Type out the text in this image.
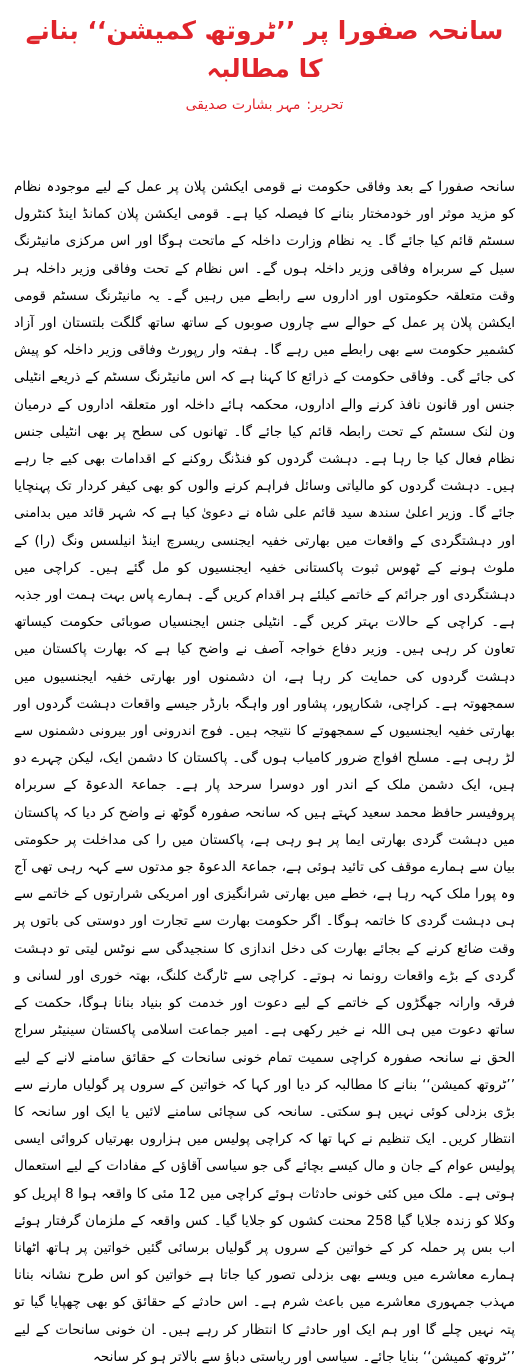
سانحہ صفورا پر ’’ٹروتھ کمیشن‘‘ بنانے کا مطالبہ
تحریر:مہر بشارت صدیقی

سانحہ صفورا کے بعد وفاقی حکومت نے قومی ایکشن پلان پر عمل کے لیے موجودہ نظام کو مزید موثر اور خودمختار بنانے کا فیصلہ کیا ہے۔ قومی ایکشن پلان کمانڈ اینڈ کنٹرول سسٹم قائم کیا جائے گا۔ یہ نظام وزارت داخلہ کے ماتحت ہوگا اور اس مرکزی مانیٹرنگ سیل کے سربراہ وفاقی وزیر داخلہ ہوں گے۔ اس نظام کے تحت وفاقی وزیر داخلہ ہر وقت متعلقہ حکومتوں اور اداروں سے رابطے میں رہیں گے۔ یہ مانیٹرنگ سسٹم قومی ایکشن پلان پر عمل کے حوالے سے چاروں صوبوں کے ساتھ ساتھ گلگت بلتستان اور آزاد کشمیر حکومت سے بھی رابطے میں رہے گا۔ ہفتہ وار رپورٹ وفاقی وزیر داخلہ کو پیش کی جائے گی۔ وفاقی حکومت کے ذرائع کا کہنا ہے کہ اس مانیٹرنگ سسٹم کے ذریعے انٹیلی جنس اور قانون نافذ کرنے والے اداروں، محکمہ ہائے داخلہ اور متعلقہ اداروں کے درمیان ون لنک سسٹم کے تحت رابطہ قائم کیا جائے گا۔ تھانوں کی سطح پر بھی انٹیلی جنس نظام فعال کیا جا رہا ہے۔ دہشت گردوں کو فنڈنگ روکنے کے اقدامات بھی کیے جا رہے ہیں۔ دہشت گردوں کو مالیاتی وسائل فراہم کرنے والوں کو بھی کیفر کردار تک پہنچایا جائے گا۔ وزیر اعلیٰ سندھ سید قائم علی شاہ نے دعویٰ کیا ہے کہ شہر قائد میں بدامنی اور دہشتگردی کے واقعات میں بھارتی خفیہ ایجنسی ریسرچ اینڈ انیلسس ونگ (را) کے ملوث ہونے کے ٹھوس ثبوت پاکستانی خفیہ ایجنسیوں کو مل گئے ہیں۔ کراچی میں دہشتگردی اور جرائم کے خاتمے کیلئے ہر اقدام کریں گے۔ ہمارے پاس بہت ہمت اور جذبہ ہے۔ کراچی کے حالات بہتر کریں گے۔ انٹیلی جنس ایجنسیاں صوبائی حکومت کیساتھ تعاون کر رہی ہیں۔ وزیر دفاع خواجہ آصف نے واضح کیا ہے کہ بھارت پاکستان میں دہشت گردوں کی حمایت کر رہا ہے، ان دشمنوں اور بھارتی خفیہ ایجنسیوں میں سمجھوتہ ہے۔ کراچی، شکارپور، پشاور اور واہگہ بارڈر جیسے واقعات دہشت گردوں اور بھارتی خفیہ ایجنسیوں کے سمجھوتے کا نتیجہ ہیں۔ فوج اندرونی اور بیرونی دشمنوں سے لڑ رہی ہے۔ مسلح افواج ضرور کامیاب ہوں گی۔ پاکستان کا دشمن ایک، لیکن چہرے دو ہیں، ایک دشمن ملک کے اندر اور دوسرا سرحد پار ہے۔ جماعۃ الدعوۃ کے سربراہ پروفیسر حافظ محمد سعید کہتے ہیں کہ سانحہ صفورہ گوٹھ نے واضح کر دیا کہ پاکستان میں دہشت گردی بھارتی ایما پر ہو رہی ہے، پاکستان میں را کی مداخلت پر حکومتی بیان سے ہمارے موقف کی تائید ہوئی ہے، جماعۃ الدعوۃ جو مدتوں سے کہہ رہی تھی آج وہ پورا ملک کہہ رہا ہے، خطے میں بھارتی شرانگیزی اور امریکی شرارتوں کے خاتمے سے ہی دہشت گردی کا خاتمہ ہوگا۔ اگر حکومت بھارت سے تجارت اور دوستی کی باتوں پر وقت ضائع کرنے کے بجائے بھارت کی دخل اندازی کا سنجیدگی سے نوٹس لیتی تو دہشت گردی کے بڑے واقعات رونما نہ ہوتے۔ کراچی سے ٹارگٹ کلنگ، بھتہ خوری اور لسانی و فرقہ وارانہ جھگڑوں کے خاتمے کے لیے دعوت اور خدمت کو بنیاد بنانا ہوگا، حکمت کے ساتھ دعوت میں ہی اللہ نے خیر رکھی ہے۔ امیر جماعت اسلامی پاکستان سینیٹر سراج الحق نے سانحہ صفورہ کراچی سمیت تمام خونی سانحات کے حقائق سامنے لانے کے لیے ’’ٹروتھ کمیشن‘‘ بنانے کا مطالبہ کر دیا اور کہا کہ خواتین کے سروں پر گولیاں مارنے سے بڑی بزدلی کوئی نہیں ہو سکتی۔ سانحہ کی سچائی سامنے لائیں یا ایک اور سانحہ کا انتظار کریں۔ ایک تنظیم نے کہا تھا کہ کراچی پولیس میں ہزاروں بھرتیاں کروائی ایسی پولیس عوام کے جان و مال کیسے بچائے گی جو سیاسی آقاؤں کے مفادات کے لیے استعمال ہوتی ہے۔ ملک میں کئی خونی حادثات ہوئے کراچی میں 12 مئی کا واقعہ ہوا 8 اپریل کو وکلا کو زندہ جلایا گیا 258 محنت کشوں کو جلایا گیا۔ کس واقعہ کے ملزمان گرفتار ہوئے اب بس پر حملہ کر کے خواتین کے سروں پر گولیاں برسائی گئیں خواتین پر ہاتھ اٹھانا ہمارے معاشرے میں ویسے بھی بزدلی تصور کیا جاتا ہے خواتین کو اس طرح نشانہ بنانا مہذب جمہوری معاشرے میں باعث شرم ہے۔ اس حادثے کے حقائق کو بھی چھپایا گیا تو پتہ نہیں چلے گا اور ہم ایک اور حادثے کا انتظار کر رہے ہیں۔ ان خونی سانحات کے لیے ’’ٹروتھ کمیشن‘‘ بنایا جائے۔ سیاسی اور ریاستی دباؤ سے بالاتر ہو کر سانحہ
